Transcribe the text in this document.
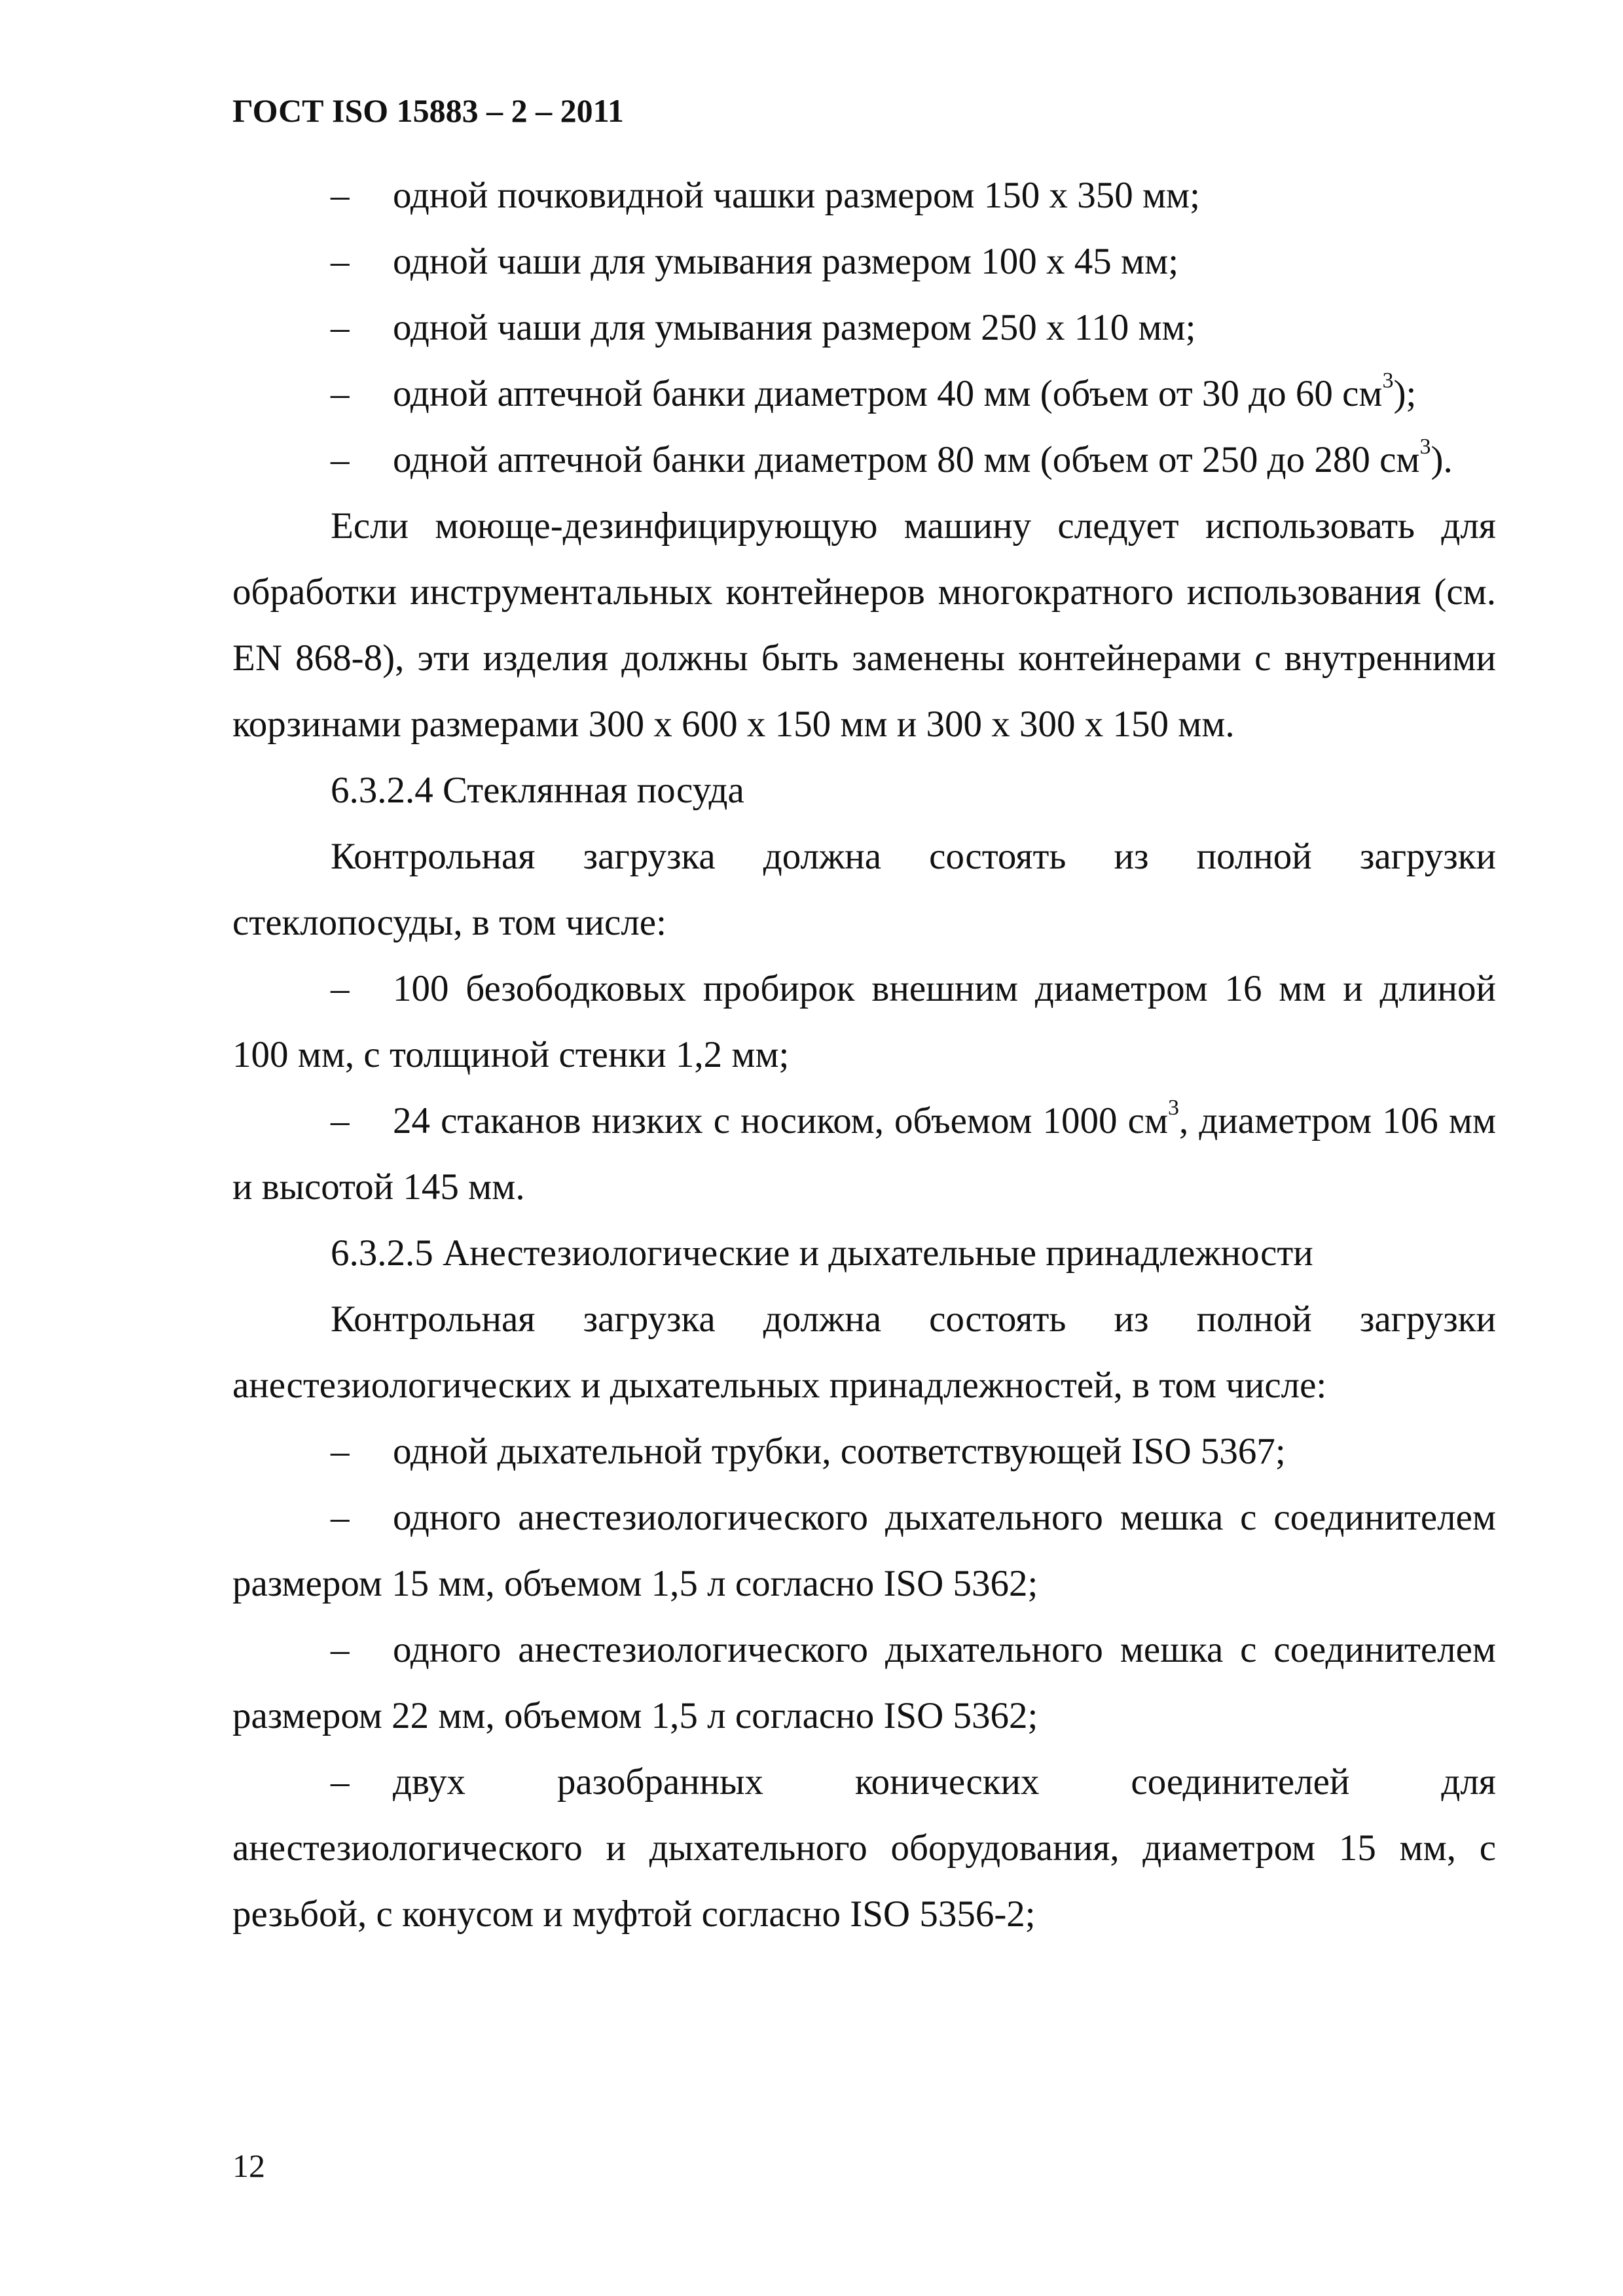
ГОСТ ISO 15883 – 2 – 2011
–	одной почковидной чашки размером 150 х 350 мм;
–	одной чаши для умывания размером 100 х 45 мм;
–	одной чаши для умывания размером 250 х 110 мм;
–	одной аптечной банки диаметром 40 мм (объем от 30 до 60 $см^3$);
–	одной аптечной банки диаметром 80 мм (объем от 250 до 280 $см^3$).

Если моюще-дезинфицирующую машину следует использовать для обработки инструментальных контейнеров многократного использования (см. EN 868-8), эти изделия должны быть заменены контейнерами с внутренними корзинами размерами 300 х 600 х 150 мм и 300 х 300 х 150 мм.

6.3.2.4 Стеклянная посуда

Контрольная загрузка должна состоять из полной загрузки стеклопосуды, в том числе:

– 100 безободковых пробирок внешним диаметром 16 мм и длиной 100 мм, с толщиной стенки 1,2 мм;

– 24 стаканов низких с носиком, объемом 1000 $см^3$, диаметром 106 мм и высотой 145 мм.

6.3.2.5 Анестезиологические и дыхательные принадлежности

Контрольная загрузка должна состоять из полной загрузки анестезиологических и дыхательных принадлежностей, в том числе:

– одной дыхательной трубки, соответствующей ISO 5367;

– одного анестезиологического дыхательного мешка с соединителем размером 15 мм, объемом 1,5 л согласно ISO 5362;

– одного анестезиологического дыхательного мешка с соединителем размером 22 мм, объемом 1,5 л согласно ISO 5362;

– двух разобранных конических соединителей для анестезиологического и дыхательного оборудования, диаметром 15 мм, с резьбой, с конусом и муфтой согласно ISO 5356-2;

12
